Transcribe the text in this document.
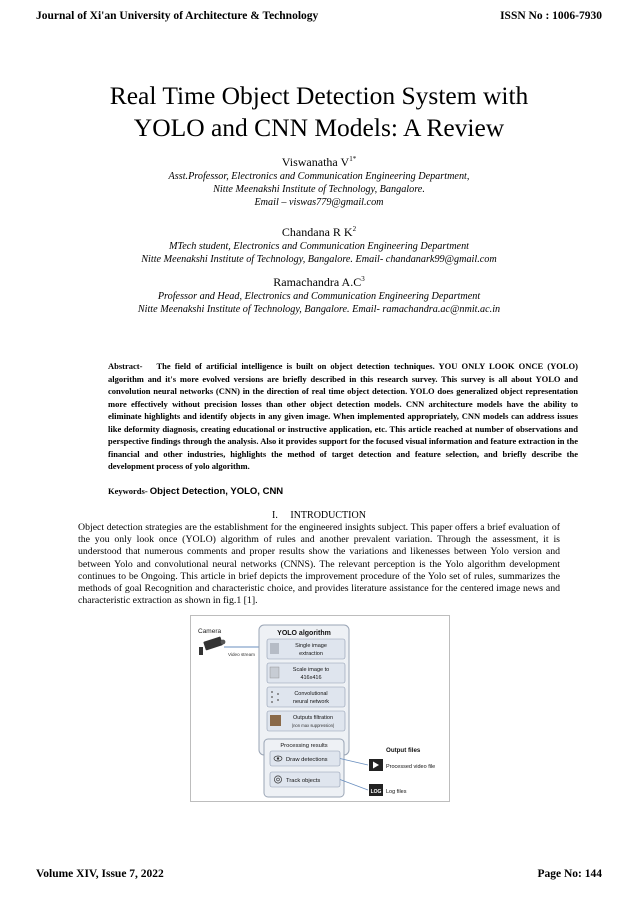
Journal of Xi'an University of Architecture & Technology	ISSN No : 1006-7930
Real Time Object Detection System with
YOLO and CNN Models: A Review
Viswanatha $V^{1*}$
Asst.Professor, Electronics and Communication Engineering Department,
Nitte Meenakshi Institute of Technology, Bangalore.
Email – viswas779@gmail.com
Chandana R $K^2$
MTech student, Electronics and Communication Engineering Department
Nitte Meenakshi Institute of Technology, Bangalore. Email- chandanark99@gmail.com
Ramachandra $A.C^3$
Professor and Head, Electronics and Communication Engineering Department
Nitte Meenakshi Institute of Technology, Bangalore. Email- ramachandra.ac@nmit.ac.in
Abstract- The field of artificial intelligence is built on object detection techniques. YOU ONLY LOOK ONCE (YOLO) algorithm and it's more evolved versions are briefly described in this research survey. This survey is all about YOLO and convolution neural networks (CNN) in the direction of real time object detection. YOLO does generalized object representation more effectively without precision losses than other object detection models. CNN architecture models have the ability to eliminate highlights and identify objects in any given image. When implemented appropriately, CNN models can address issues like deformity diagnosis, creating educational or instructive application, etc. This article reached at number of observations and perspective findings through the analysis. Also it provides support for the focused visual information and feature extraction in the financial and other industries, highlights the method of target detection and feature selection, and briefly describe the development process of yolo algorithm.
Keywords- Object Detection, YOLO, CNN
I.     INTRODUCTION
Object detection strategies are the establishment for the engineered insights subject. This paper offers a brief evaluation of the you only look once (YOLO) algorithm of rules and another prevalent variation. Through the assessment, it is understood that numerous comments and proper results show the variations and likenesses between Yolo version and between Yolo and convolutional neural networks (CNNS). The relevant perception is the Yolo algorithm development continues to be Ongoing. This article in brief depicts the improvement procedure of the Yolo set of rules, summarizes the methods of goal Recognition and characteristic choice, and provides literature assistance for the centered image news and characteristic extraction as shown in fig.1 [1].
Camera
Video stream
YOLO algorithm
Single image
extraction
Scale image to
416x416
Convolutional
neural network
Outputs filtration
(non max suppression)
Processing results
Draw detections
Track objects
Output files
Processed video file
LOG Log files
Volume XIV, Issue 7, 2022	Page No: 144
